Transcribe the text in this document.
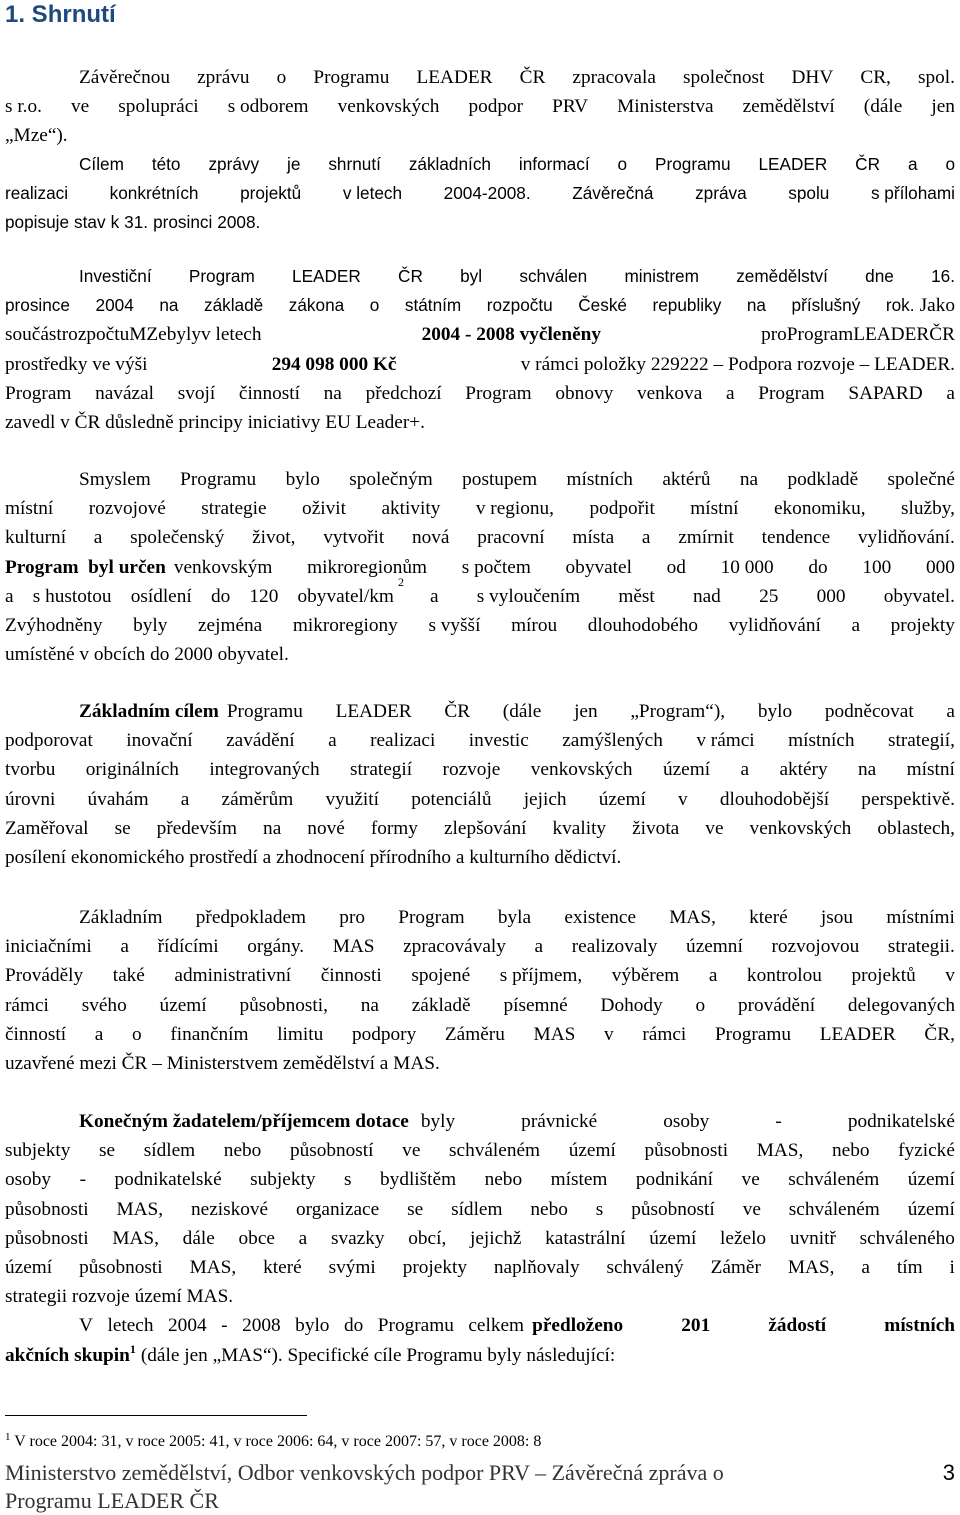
1. Shrnutí
Závěrečnou zprávu o Programu LEADER ČR zpracovala společnost DHV CR, spol.
s r.o. ve spolupráci s odborem venkovských podpor PRV Ministerstva zemědělství (dále jen
„Mze“).
Cílem této zprávy je shrnutí základních informací o Programu LEADER ČR a o
realizaci konkrétních projektů v letech 2004-2008. Závěrečná zpráva spolu s přílohami
popisuje stav k 31. prosinci 2008.
Investiční Program LEADER ČR byl schválen ministrem zemědělství dne 16.
prosince 2004 na základě zákona o státním rozpočtu České republiky na příslušný rok. Jako
součástrozpočtuMZebylyv letech	2004 - 2008 vyčleněny	proProgramLEADERČR
prostředky ve výši	294 098 000 Kč	v rámci položky 229222 – Podpora rozvoje – LEADER.
Program navázal svojí činností na předchozí Program obnovy venkova a Program SAPARD a
zavedl v ČR důsledně principy iniciativy EU Leader+.
Smyslem Programu bylo společným postupem místních aktérů na podkladě společné
místní rozvojové strategie oživit aktivity v regionu, podpořit místní ekonomiku, služby,
kulturní a společenský život, vytvořit nová pracovní místa a zmírnit tendence vylidňování.
Program  byl určen venkovským mikroregionům s počtem obyvatel od 10 000 do 100 000
a s hustotou osídlení do 120 obyvatel/km
2
a s vyloučením měst nad 25 000 obyvatel.
Zvýhodněny byly zejména mikroregiony s vyšší mírou dlouhodobého vylidňování a projekty
umístěné v obcích do 2000 obyvatel.
Základním cílem Programu LEADER ČR (dále jen „Program“), bylo podněcovat a
podporovat inovační zavádění a realizaci investic zamýšlených v rámci místních strategií,
tvorbu originálních integrovaných strategií rozvoje venkovských území a aktéry na místní
úrovni úvahám a záměrům využití potenciálů jejich území v dlouhodobější perspektivě.
Zaměřoval se především na nové formy zlepšování kvality života ve venkovských oblastech,
posílení ekonomického prostředí a zhodnocení přírodního a kulturního dědictví.
Základním předpokladem pro Program byla existence MAS, které jsou místními
iniciačními a řídícími orgány. MAS zpracovávaly a realizovaly územní rozvojovou strategii.
Prováděly také administrativní činnosti spojené s příjmem, výběrem a kontrolou projektů v
rámci svého území působnosti, na základě písemné Dohody o provádění delegovaných
činností a o finančním limitu podpory Záměru MAS v rámci Programu LEADER ČR,
uzavřené mezi ČR – Ministerstvem zemědělství a MAS.
Konečným žadatelem/příjemcem dotace byly	právnické	osoby	-	podnikatelské
subjekty se sídlem nebo působností ve schváleném území působnosti MAS, nebo fyzické
osoby - podnikatelské subjekty s bydlištěm nebo místem podnikání ve schváleném území
působnosti MAS, neziskové organizace se sídlem nebo s působností ve schváleném území
působnosti MAS, dále obce a svazky obcí, jejichž katastrální území leželo uvnitř schváleného
území působnosti MAS, které svými projekty naplňovaly schválený Záměr MAS, a tím i
strategii rozvoje území MAS.
V letech 2004 - 2008 bylo do Programu celkem předloženo	201	žádostí	místních
akčních skupin$^1$ (dále jen „MAS“). Specifické cíle Programu byly následující:
$^1$ V roce 2004: 31, v roce 2005: 41, v roce 2006: 64, v roce 2007: 57, v roce 2008: 8
Ministerstvo zemědělství, Odbor venkovských podpor PRV – Závěrečná zpráva o
Programu LEADER ČR
3
